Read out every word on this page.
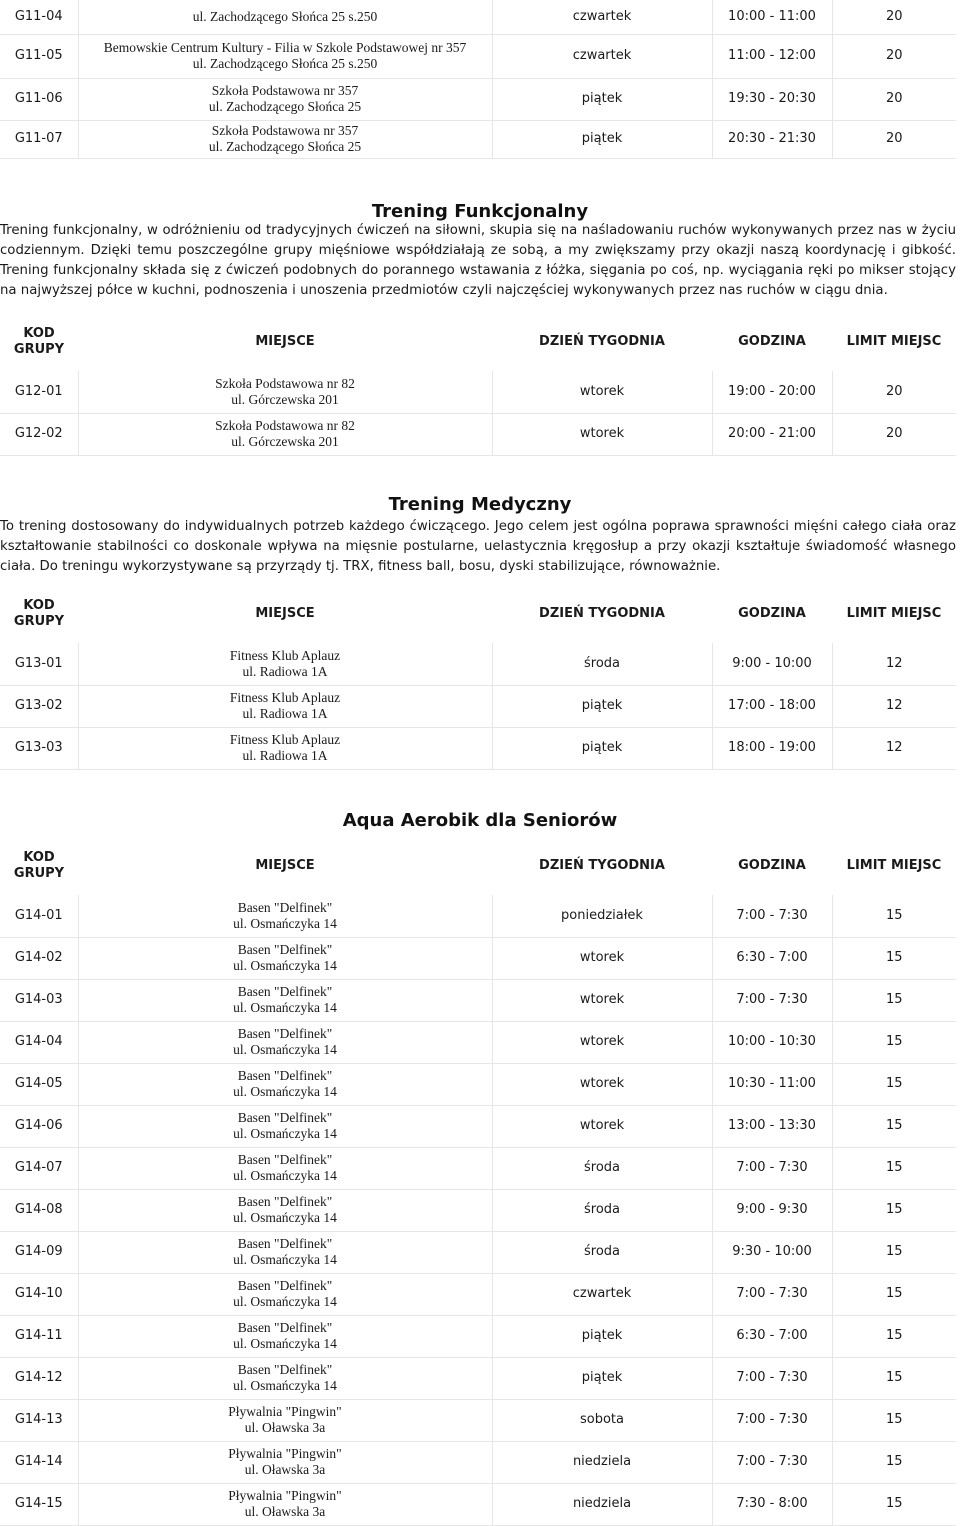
G11-04	ul. Zachodzącego Słońca 25 s.250	czwartek	10:00 - 11:00	20
G11-05	Bemowskie Centrum Kultury - Filia w Szkole Podstawowej nr 357
ul. Zachodzącego Słońca 25 s.250	czwartek	11:00 - 12:00	20
G11-06	Szkoła Podstawowa nr 357
ul. Zachodzącego Słońca 25	piątek	19:30 - 20:30	20
G11-07	Szkoła Podstawowa nr 357
ul. Zachodzącego Słońca 25	piątek	20:30 - 21:30	20
Trening Funkcjonalny

Trening funkcjonalny, w odróżnieniu od tradycyjnych ćwiczeń na siłowni, skupia się na naśladowaniu ruchów wykonywanych przez nas w życiu codziennym. Dzięki temu poszczególne grupy mięśniowe współdziałają ze sobą, a my zwiększamy przy okazji naszą koordynację i gibkość. Trening funkcjonalny składa się z ćwiczeń podobnych do porannego wstawania z łóżka, sięgania po coś, np. wyciągania ręki po mikser stojący na najwyższej półce w kuchni, podnoszenia i unoszenia przedmiotów czyli najczęściej wykonywanych przez nas ruchów w ciągu dnia.

KOD
GRUPY	MIEJSCE	DZIEŃ TYGODNIA	GODZINA	LIMIT MIEJSC
G12-01	Szkoła Podstawowa nr 82
ul. Górczewska 201	wtorek	19:00 - 20:00	20
G12-02	Szkoła Podstawowa nr 82
ul. Górczewska 201	wtorek	20:00 - 21:00	20
Trening Medyczny

To trening dostosowany do indywidualnych potrzeb każdego ćwiczącego. Jego celem jest ogólna poprawa sprawności mięśni całego ciała oraz kształtowanie stabilności co doskonale wpływa na mięsnie postularne, uelastycznia kręgosłup a przy okazji kształtuje świadomość własnego ciała. Do treningu wykorzystywane są przyrządy tj. TRX, fitness ball, bosu, dyski stabilizujące, równoważnie.

KOD
GRUPY	MIEJSCE	DZIEŃ TYGODNIA	GODZINA	LIMIT MIEJSC
G13-01	Fitness Klub Aplauz
ul. Radiowa 1A	środa	9:00 - 10:00	12
G13-02	Fitness Klub Aplauz
ul. Radiowa 1A	piątek	17:00 - 18:00	12
G13-03	Fitness Klub Aplauz
ul. Radiowa 1A	piątek	18:00 - 19:00	12
Aqua Aerobik dla Seniorów
KOD
GRUPY	MIEJSCE	DZIEŃ TYGODNIA	GODZINA	LIMIT MIEJSC
G14-01	Basen "Delfinek"
ul. Osmańczyka 14	poniedziałek	7:00 - 7:30	15
G14-02	Basen "Delfinek"
ul. Osmańczyka 14	wtorek	6:30 - 7:00	15
G14-03	Basen "Delfinek"
ul. Osmańczyka 14	wtorek	7:00 - 7:30	15
G14-04	Basen "Delfinek"
ul. Osmańczyka 14	wtorek	10:00 - 10:30	15
G14-05	Basen "Delfinek"
ul. Osmańczyka 14	wtorek	10:30 - 11:00	15
G14-06	Basen "Delfinek"
ul. Osmańczyka 14	wtorek	13:00 - 13:30	15
G14-07	Basen "Delfinek"
ul. Osmańczyka 14	środa	7:00 - 7:30	15
G14-08	Basen "Delfinek"
ul. Osmańczyka 14	środa	9:00 - 9:30	15
G14-09	Basen "Delfinek"
ul. Osmańczyka 14	środa	9:30 - 10:00	15
G14-10	Basen "Delfinek"
ul. Osmańczyka 14	czwartek	7:00 - 7:30	15
G14-11	Basen "Delfinek"
ul. Osmańczyka 14	piątek	6:30 - 7:00	15
G14-12	Basen "Delfinek"
ul. Osmańczyka 14	piątek	7:00 - 7:30	15
G14-13	Pływalnia "Pingwin"
ul. Oławska 3a	sobota	7:00 - 7:30	15
G14-14	Pływalnia "Pingwin"
ul. Oławska 3a	niedziela	7:00 - 7:30	15
G14-15	Pływalnia "Pingwin"
ul. Oławska 3a	niedziela	7:30 - 8:00	15
